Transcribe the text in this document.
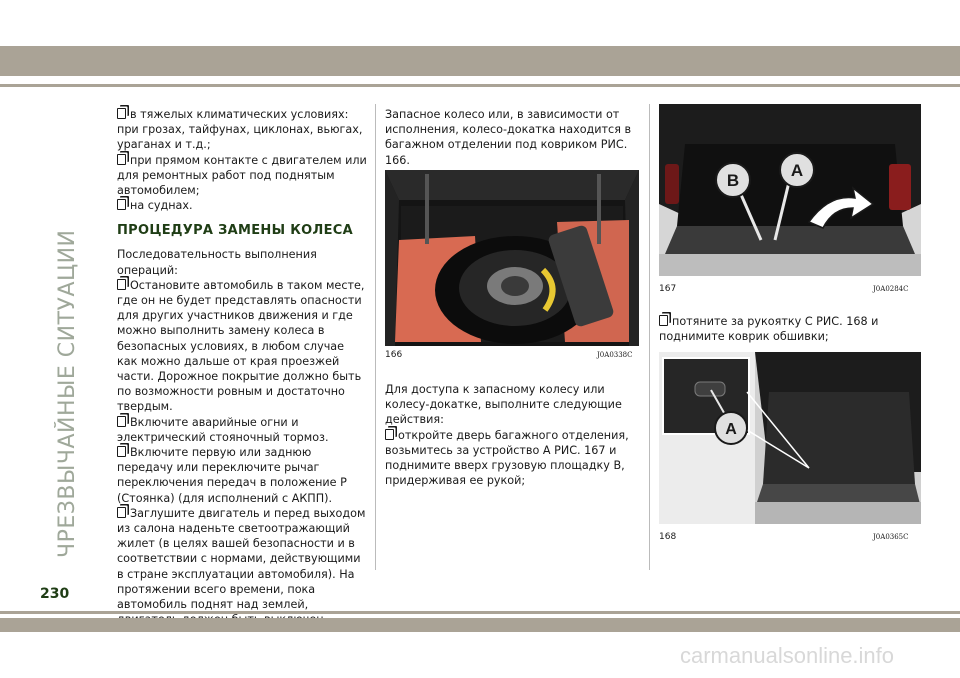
ЧРЕЗВЫЧАЙНЫЕ СИТУАЦИИ

в тяжелых климатических условиях: при грозах, тайфунах, циклонах, вьюгах, ураганах и т.д.;

при прямом контакте с двигателем или для ремонтных работ под поднятым автомобилем;

на суднах.

ПРОЦЕДУРА ЗАМЕНЫ КОЛЕСА

Последовательность выполнения операций:

Остановите автомобиль в таком месте, где он не будет представлять опасности для других участников движения и где можно выполнить замену колеса в безопасных условиях, в любом случае как можно дальше от края проезжей части. Дорожное покрытие должно быть по возможности ровным и достаточно твердым.

Включите аварийные огни и электрический стояночный тормоз.

Включите первую или заднюю передачу или переключите рычаг переключения передач в положение P (Стоянка) (для исполнений с АКПП).

Заглушите двигатель и перед выходом из салона наденьте светоотражающий жилет (в целях вашей безопасности и в соответствии с нормами, действующими в стране эксплуатации автомобиля). На протяжении всего времени, пока автомобиль поднят над землей,

Запасное колесо или, в зависимости от исполнения, колесо-докатка находится в багажном отделении под ковриком РИС. 166.

166	J0A0338C

Для доступа к запасному колесу или колесу-докатке, выполните следующие действия:

откройте дверь багажного отделения, возьмитесь за устройство A РИС. 167 и поднимите вверх грузовую площадку B, придерживая ее рукой;

B
A
167	J0A0284C

потяните за рукоятку C РИС. 168 и поднимите коврик обшивки;

A
168	J0A0365C
230
carmanualsonline.info
